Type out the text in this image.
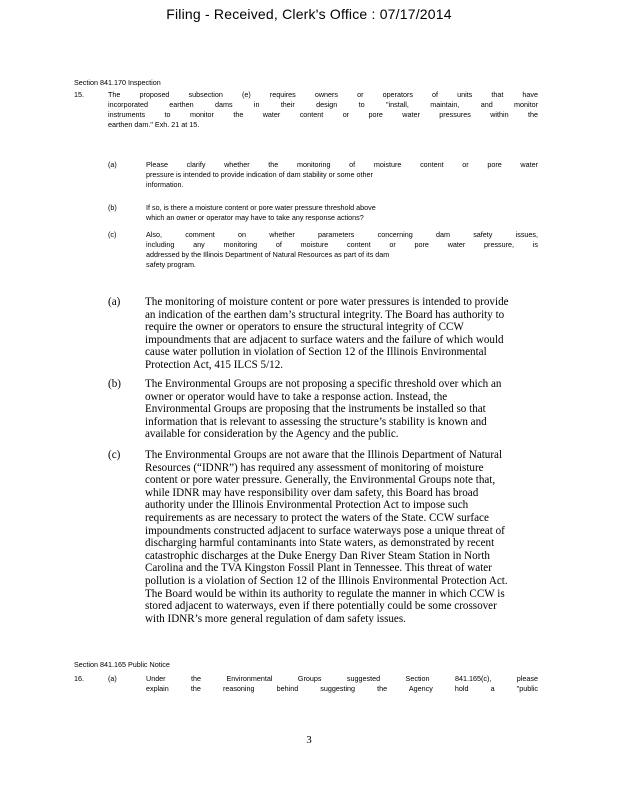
Filing - Received, Clerk's Office : 07/17/2014
Section 841.170 Inspection
15.	The proposed subsection (e) requires owners or operators of units that have
incorporated earthen dams in their design to "install, maintain, and monitor
instruments to monitor the water content or pore water pressures within the
earthen dam." Exh. 21 at 15.
(a)	Please clarify whether the monitoring of moisture content or pore water
pressure is intended to provide indication of dam stability or some other
information.
(b)	If so, is there a moisture content or pore water pressure threshold above
which an owner or operator may have to take any response actions?
(c)	Also, comment on whether parameters concerning dam safety issues,
including any monitoring of moisture content or pore water pressure, is
addressed by the Illinois Department of Natural Resources as part of its dam
safety program.
(a) The monitoring of moisture content or pore water pressures is intended to provide
an indication of the earthen dam’s structural integrity. The Board has authority to
require the owner or operators to ensure the structural integrity of CCW
impoundments that are adjacent to surface waters and the failure of which would
cause water pollution in violation of Section 12 of the Illinois Environmental
Protection Act, 415 ILCS 5/12.
(b) The Environmental Groups are not proposing a specific threshold over which an
owner or operator would have to take a response action. Instead, the
Environmental Groups are proposing that the instruments be installed so that
information that is relevant to assessing the structure’s stability is known and
available for consideration by the Agency and the public.
(c) The Environmental Groups are not aware that the Illinois Department of Natural
Resources (“IDNR”) has required any assessment of monitoring of moisture
content or pore water pressure. Generally, the Environmental Groups note that,
while IDNR may have responsibility over dam safety, this Board has broad
authority under the Illinois Environmental Protection Act to impose such
requirements as are necessary to protect the waters of the State. CCW surface
impoundments constructed adjacent to surface waterways pose a unique threat of
discharging harmful contaminants into State waters, as demonstrated by recent
catastrophic discharges at the Duke Energy Dan River Steam Station in North
Carolina and the TVA Kingston Fossil Plant in Tennessee. This threat of water
pollution is a violation of Section 12 of the Illinois Environmental Protection Act.
The Board would be within its authority to regulate the manner in which CCW is
stored adjacent to waterways, even if there potentially could be some crossover
with IDNR’s more general regulation of dam safety issues.
Section 841.165 Public Notice
16.	(a)	Under the Environmental Groups suggested Section 841.165(c), please
explain the reasoning behind suggesting the Agency hold a "public
3
